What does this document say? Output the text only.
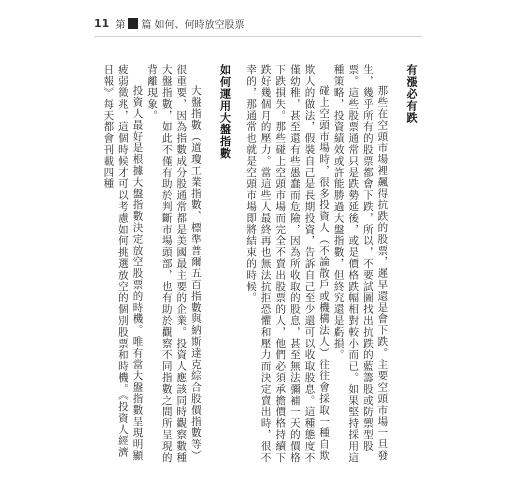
11 第 篇 如何、何時放空股票
有漲必有跌

那些在空頭市場裡飆得抗跌的股票，遲早還是會下跌。主要空頭市場一旦發生，幾乎所有的股票都會下跌，所以，不要試圖找出抗跌的藍籌股或防禦型股票。這些股票通常只是跌勢延後，或是價格跌幅相對較小而已。如果堅持採用這種策略，投資績效或許能勝過大盤指數，但終究還是虧損。

碰上空頭市場時，很多投資人（不論散戶或機構法人）往往會採取一種自欺欺人的做法，假裝自己是長期投資，告訴自己至少還可以收取股息。這種態度不僅幼稚，甚至還有些愚蠢而危險，因為所收取的股息，甚至無法彌補一天的價格下跌損失。那些碰上空頭市場而完全不賣出股票的人，他們必須承擔價格持續下跌好幾個月的壓力。當這些人最終再也無法抗拒恐懼和壓力而決定賣出時，很不幸的，那通常也就是空頭市場即將結束的時候。

如何運用大盤指數

大盤指數（道瓊工業指數、標準普爾五百指數與納斯達克綜合股價指數等）很重要，因為指數成分股通常都是美國最主要的企業。投資人應該同時觀察數種大盤指數，如此不僅有助於判斷市場頭部，也有助於觀察不同指數之間所呈現的背離現象。

投資人最好是根據大盤指數決定放空股票的時機。唯有當大盤指數呈現明顯疲弱徵兆，這個時候才可以考慮如何挑選放空的個別股票和時機。《投資人經濟日報》每天都會刊載四種
